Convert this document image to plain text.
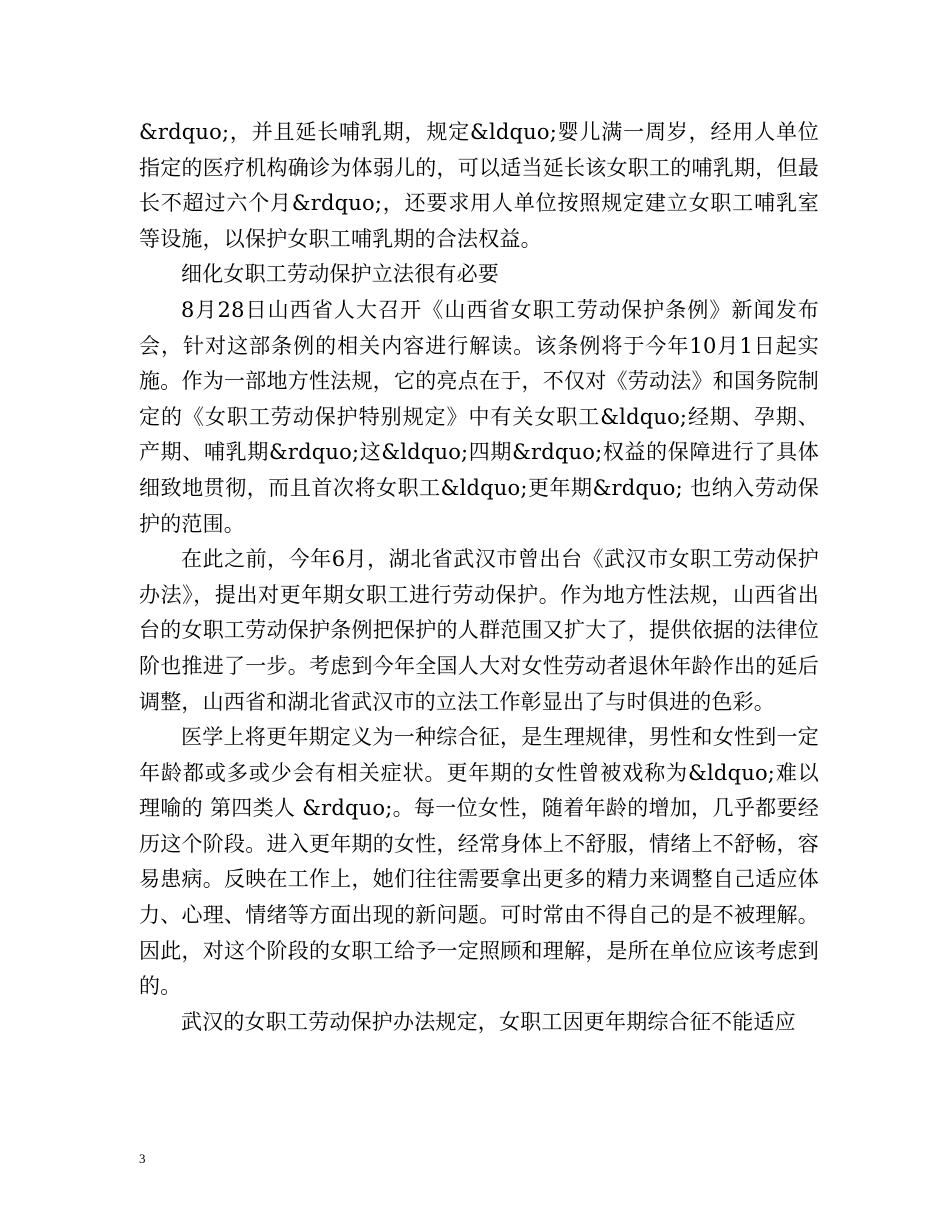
&rdquo;，并且延长哺乳期，规定&ldquo;婴儿满一周岁，经用人单位指定的医疗机构确诊为体弱儿的，可以适当延长该女职工的哺乳期，但最长不超过六个月&rdquo;，还要求用人单位按照规定建立女职工哺乳室等设施，以保护女职工哺乳期的合法权益。

细化女职工劳动保护立法很有必要

8月28日山西省人大召开《山西省女职工劳动保护条例》新闻发布会，针对这部条例的相关内容进行解读。该条例将于今年10月1日起实施。作为一部地方性法规，它的亮点在于，不仅对《劳动法》和国务院制定的《女职工劳动保护特别规定》中有关女职工&ldquo;经期、孕期、产期、哺乳期&rdquo;这&ldquo;四期&rdquo;权益的保障进行了具体细致地贯彻，而且首次将女职工&ldquo;更年期&rdquo; 也纳入劳动保护的范围。

在此之前，今年6月，湖北省武汉市曾出台《武汉市女职工劳动保护办法》，提出对更年期女职工进行劳动保护。作为地方性法规，山西省出台的女职工劳动保护条例把保护的人群范围又扩大了，提供依据的法律位阶也推进了一步。考虑到今年全国人大对女性劳动者退休年龄作出的延后调整，山西省和湖北省武汉市的立法工作彰显出了与时俱进的色彩。

医学上将更年期定义为一种综合征，是生理规律，男性和女性到一定年龄都或多或少会有相关症状。更年期的女性曾被戏称为&ldquo;难以理喻的 第四类人 &rdquo;。每一位女性，随着年龄的增加，几乎都要经历这个阶段。进入更年期的女性，经常身体上不舒服，情绪上不舒畅，容易患病。反映在工作上，她们往往需要拿出更多的精力来调整自己适应体力、心理、情绪等方面出现的新问题。可时常由不得自己的是不被理解。因此，对这个阶段的女职工给予一定照顾和理解，是所在单位应该考虑到的。

武汉的女职工劳动保护办法规定，女职工因更年期综合征不能适应

3
